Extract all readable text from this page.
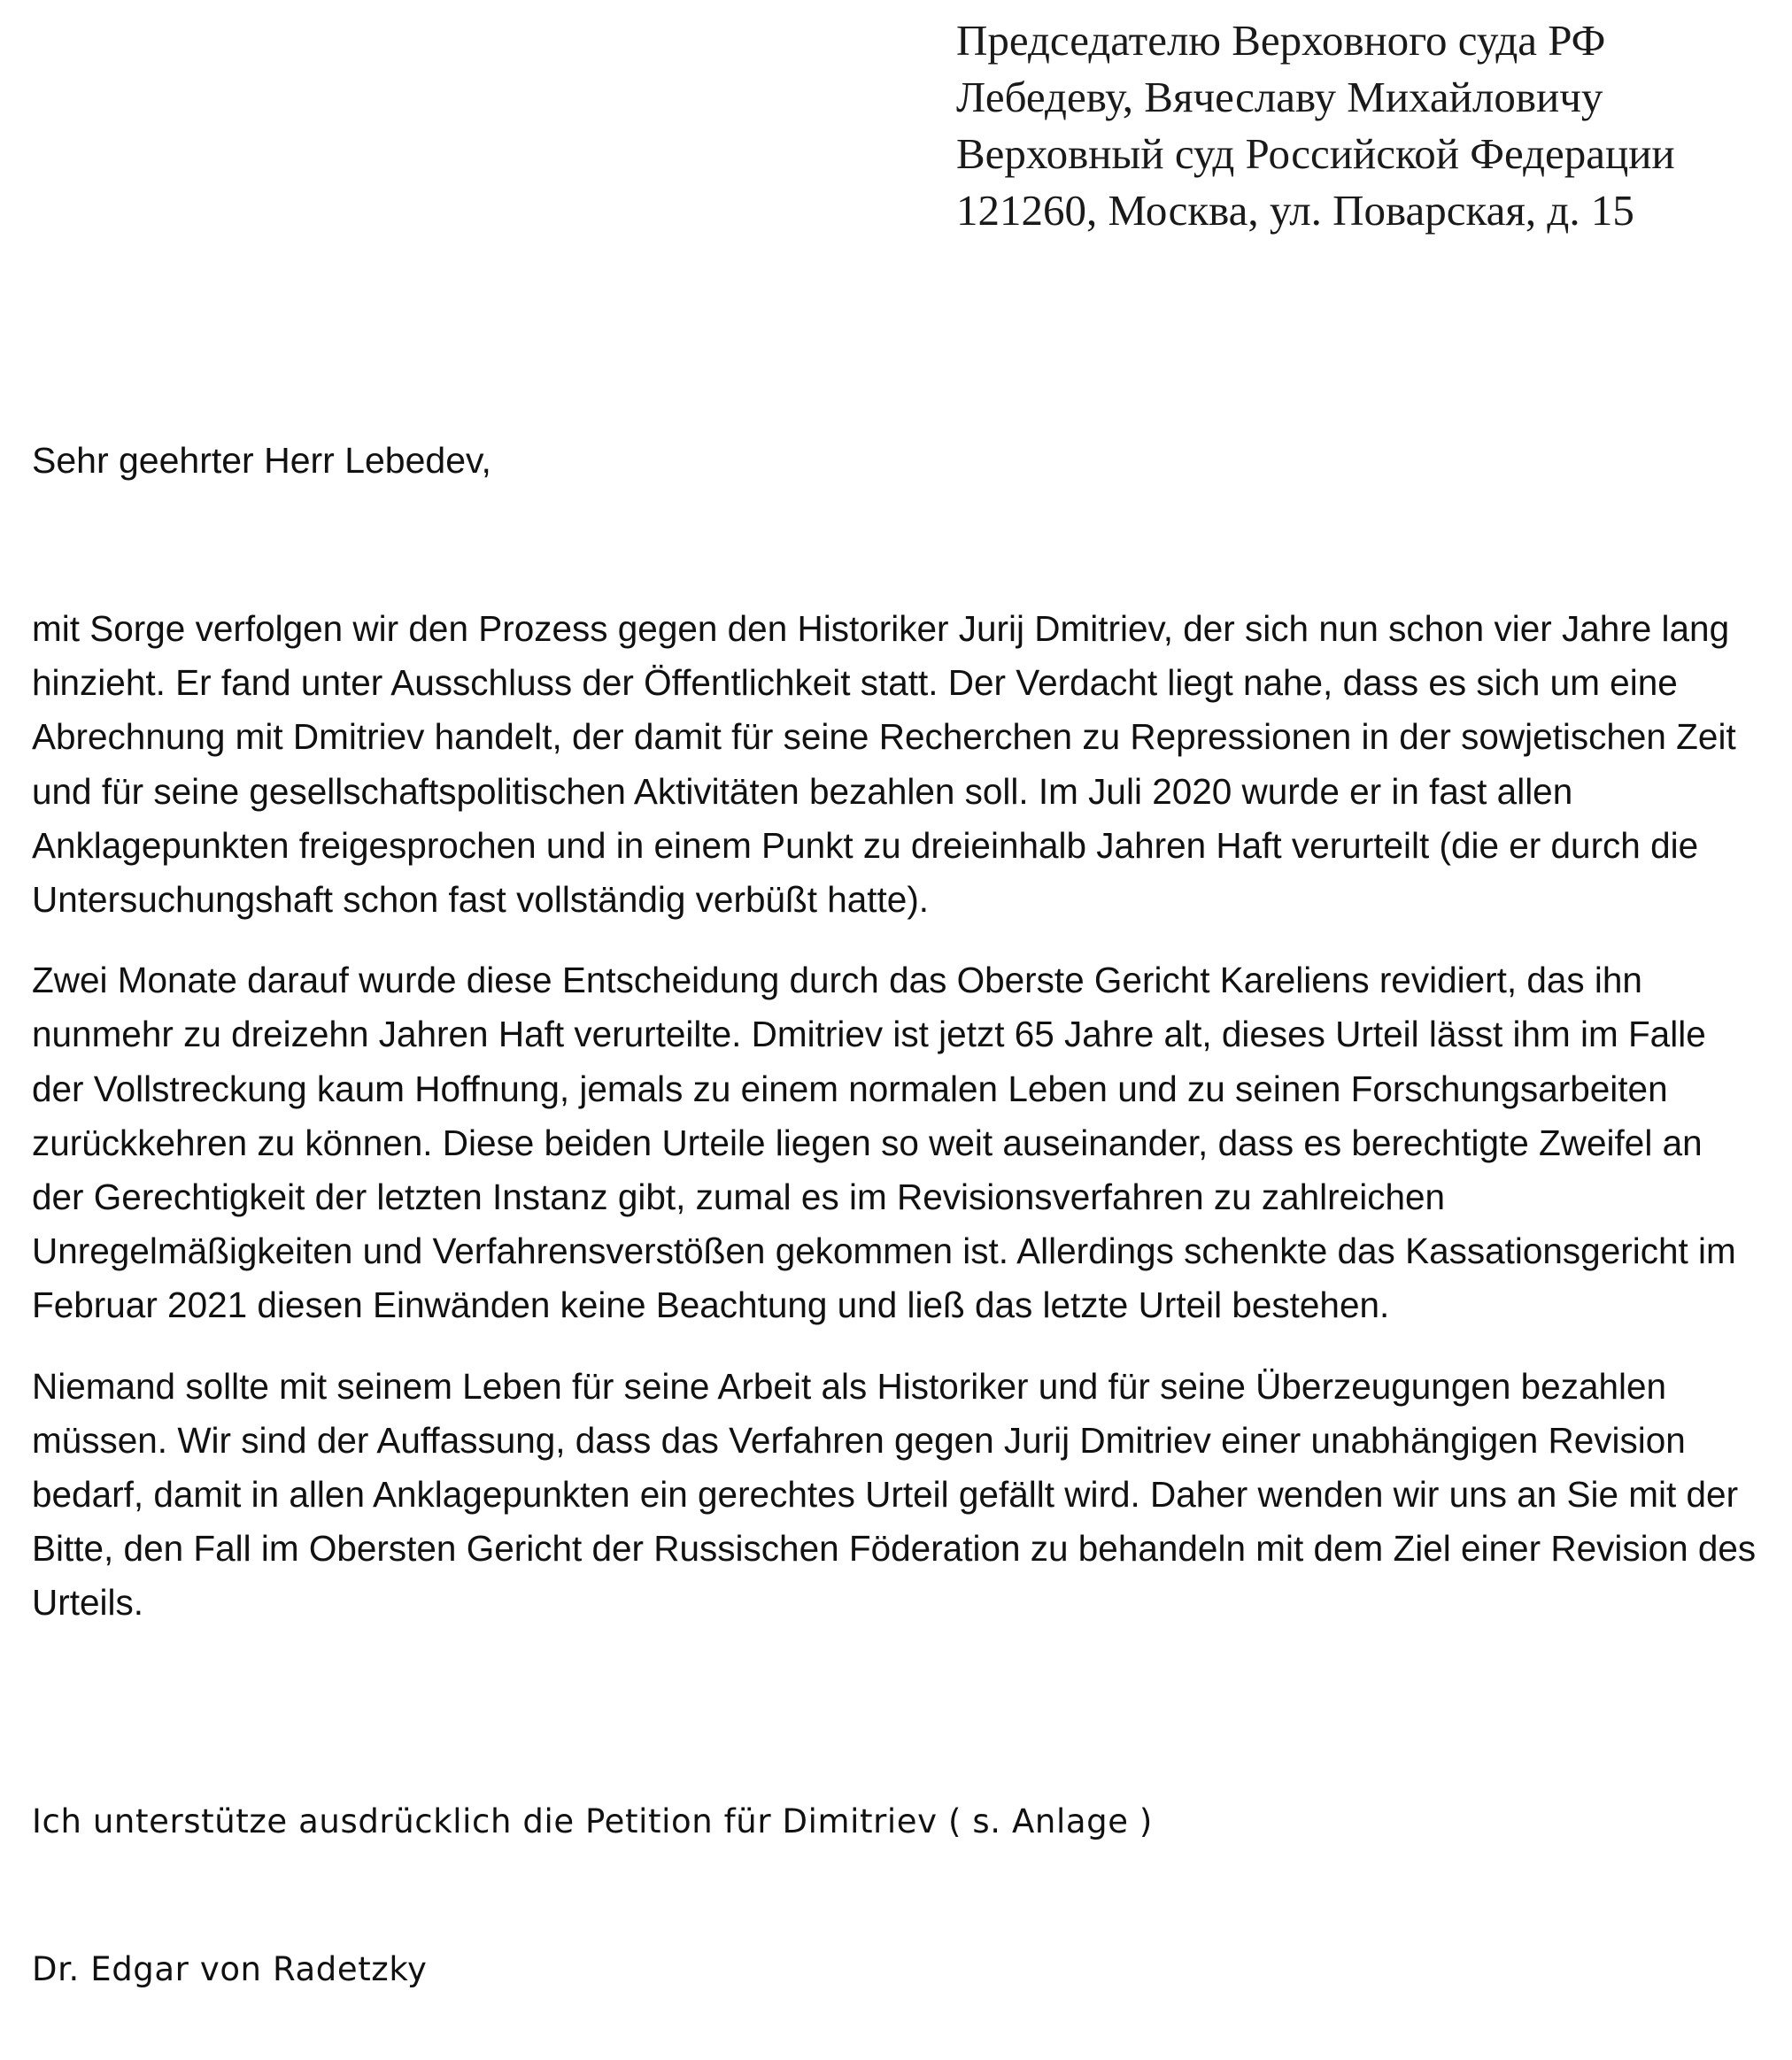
Председателю Верховного суда РФ
Лебедеву, Вячеславу Михайловичу
Верховный суд Российской Федерации
121260, Москва, ул. Поварская, д. 15
Sehr geehrter Herr Lebedev,

mit Sorge verfolgen wir den Prozess gegen den Historiker Jurij Dmitriev, der sich nun schon vier Jahre lang hinzieht. Er fand unter Ausschluss der Öffentlichkeit statt. Der Verdacht liegt nahe, dass es sich um eine Abrechnung mit Dmitriev handelt, der damit für seine Recherchen zu Repressionen in der sowjetischen Zeit und für seine gesellschaftspolitischen Aktivitäten bezahlen soll. Im Juli 2020 wurde er in fast allen Anklagepunkten freigesprochen und in einem Punkt zu dreieinhalb Jahren Haft verurteilt (die er durch die Untersuchungshaft schon fast vollständig verbüßt hatte).

Zwei Monate darauf wurde diese Entscheidung durch das Oberste Gericht Kareliens revidiert, das ihn nunmehr zu dreizehn Jahren Haft verurteilte. Dmitriev ist jetzt 65 Jahre alt, dieses Urteil lässt ihm im Falle der Vollstreckung kaum Hoffnung, jemals zu einem normalen Leben und zu seinen Forschungsarbeiten zurückkehren zu können. Diese beiden Urteile liegen so weit auseinander, dass es berechtigte Zweifel an der Gerechtigkeit der letzten Instanz gibt, zumal es im Revisionsverfahren zu zahlreichen Unregelmäßigkeiten und Verfahrensverstößen gekommen ist. Allerdings schenkte das Kassationsgericht im Februar 2021 diesen Einwänden keine Beachtung und ließ das letzte Urteil bestehen.

Niemand sollte mit seinem Leben für seine Arbeit als Historiker und für seine Überzeugungen bezahlen müssen. Wir sind der Auffassung, dass das Verfahren gegen Jurij Dmitriev einer unabhängigen Revision bedarf, damit in allen Anklagepunkten ein gerechtes Urteil gefällt wird. Daher wenden wir uns an Sie mit der Bitte, den Fall im Obersten Gericht der Russischen Föderation zu behandeln mit dem Ziel einer Revision des Urteils.

Ich unterstütze ausdrücklich die Petition für Dimitriev ( s. Anlage )
Dr. Edgar von Radetzky
